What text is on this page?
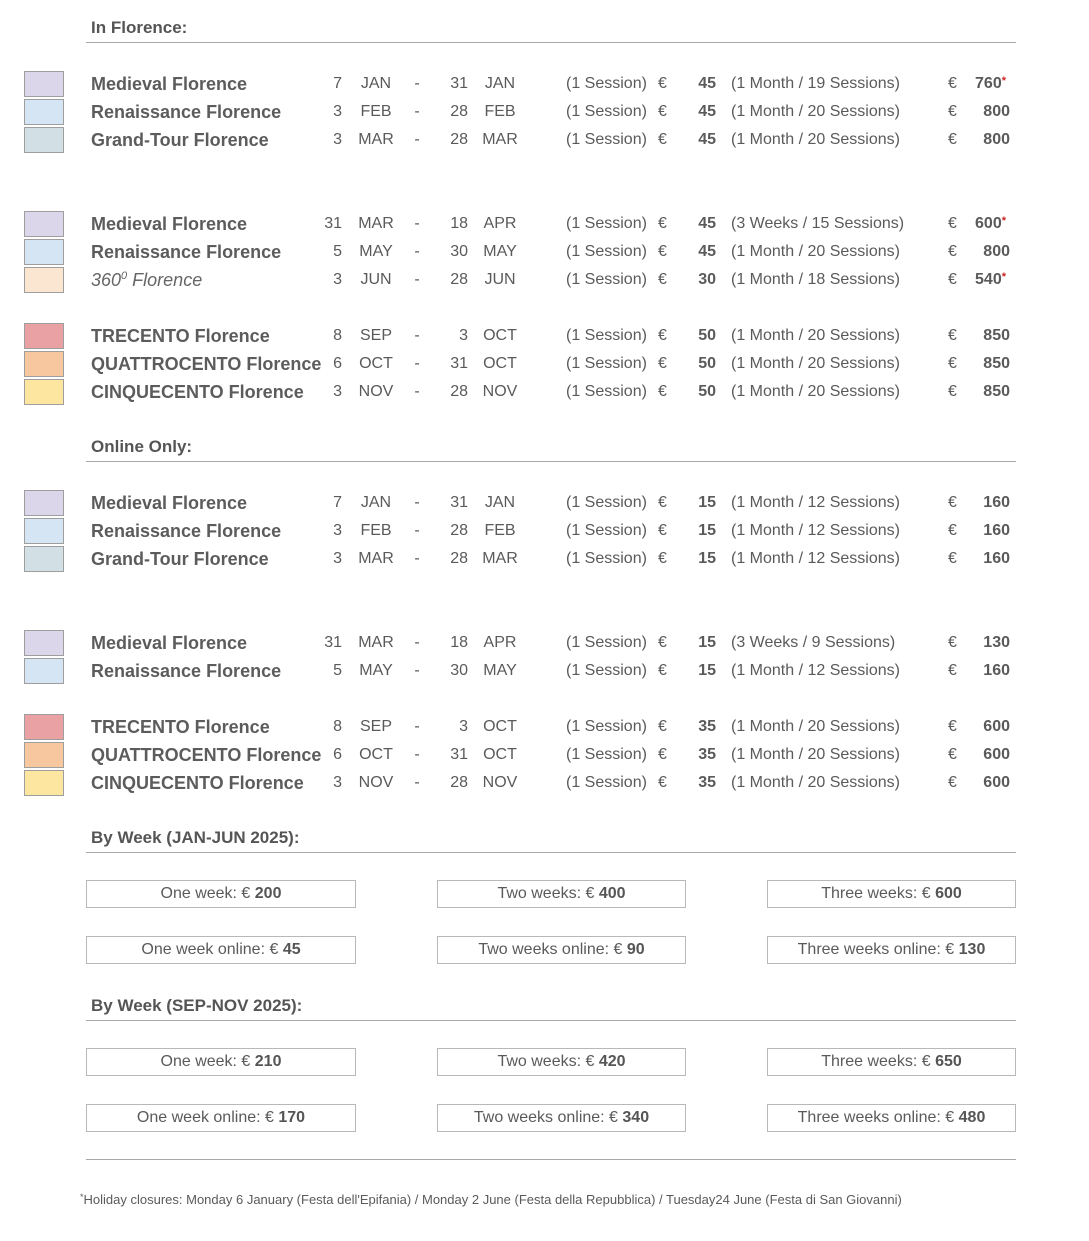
In Florence:
Online Only:
By Week (JAN-JUN 2025):
By Week (SEP-NOV 2025):
Medieval Florence	7	JAN	-	31	JAN	(1 Session) €	45 (1 Month / 19 Sessions)	€	760*
Renaissance Florence	3 FEB -	28	FEB	(1 Session) €	45 (1 Month / 20 Sessions)	€	800
Grand-Tour Florence	3 MAR -	28 MAR	(1 Session) €	45 (1 Month / 20 Sessions)	€	800
Medieval Florence	31 MAR -	18 APR	(1 Session) €	45 (3 Weeks / 15 Sessions)	€	600*
Renaissance Florence	5 MAY -	30 MAY	(1 Session) €	45 (1 Month / 20 Sessions)	€	800
$360^0$ Florence	3 JUN -	28	JUN	(1 Session) €	30 (1 Month / 18 Sessions)	€	540*
TRECENTO Florence	8 SEP -	3 OCT	(1 Session) €	50 (1 Month / 20 Sessions)	€	850
QUATTROCENTO Florence 6 OCT -	31 OCT	(1 Session) €	50 (1 Month / 20 Sessions)	€	850
CINQUECENTO Florence	3 NOV -	28 NOV	(1 Session) €	50 (1 Month / 20 Sessions)	€	850
Medieval Florence	7	JAN	-	31	JAN	(1 Session) €	15 (1 Month / 12 Sessions)	€	160
Renaissance Florence	3 FEB -	28	FEB	(1 Session) €	15 (1 Month / 12 Sessions)	€	160
Grand-Tour Florence	3 MAR -	28 MAR	(1 Session) €	15 (1 Month / 12 Sessions)	€	160
Medieval Florence	31 MAR -	18 APR	(1 Session) €	15 (3 Weeks / 9 Sessions)	€	130
Renaissance Florence	5 MAY -	30 MAY	(1 Session) €	15 (1 Month / 12 Sessions)	€	160
TRECENTO Florence	8 SEP -	3 OCT	(1 Session) €	35 (1 Month / 20 Sessions)	€	600
QUATTROCENTO Florence 6 OCT -	31 OCT	(1 Session) €	35 (1 Month / 20 Sessions)	€	600
CINQUECENTO Florence	3 NOV -	28 NOV	(1 Session) €	35 (1 Month / 20 Sessions)	€	600
One week: € 200	Two weeks: € 400	Three weeks: € 600
One week online: € 45	Two weeks online: € 90	Three weeks online: € 130
One week: € 210	Two weeks: € 420	Three weeks: € 650
One week online: € 170	Two weeks online: € 340	Three weeks online: € 480
*Holiday closures: Monday 6 January (Festa dell'Epifania) / Monday 2 June (Festa della Repubblica) / Tuesday24 June (Festa di San Giovanni)
